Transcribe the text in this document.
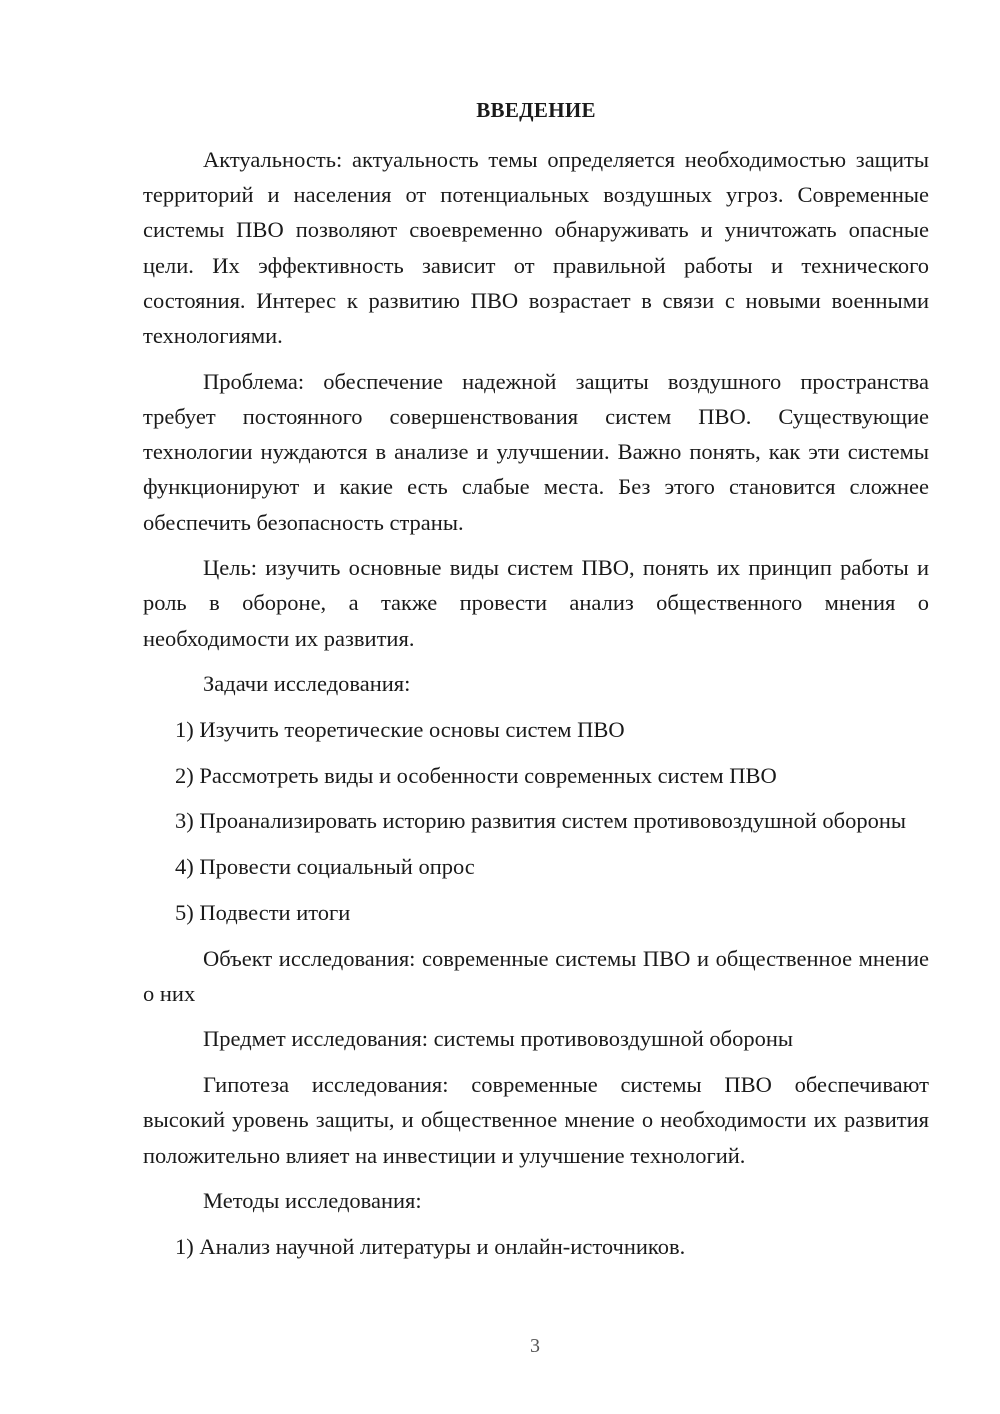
ВВЕДЕНИЕ

Актуальность: актуальность темы определяется необходимостью защиты территорий и населения от потенциальных воздушных угроз. Современные системы ПВО позволяют своевременно обнаруживать и уничтожать опасные цели. Их эффективность зависит от правильной работы и технического состояния. Интерес к развитию ПВО возрастает в связи с новыми военными технологиями.

Проблема: обеспечение надежной защиты воздушного пространства требует постоянного совершенствования систем ПВО. Существующие технологии нуждаются в анализе и улучшении. Важно понять, как эти системы функционируют и какие есть слабые места. Без этого становится сложнее обеспечить безопасность страны.

Цель: изучить основные виды систем ПВО, понять их принцип работы и роль в обороне, а также провести анализ общественного мнения о необходимости их развития.

Задачи исследования:

1) Изучить теоретические основы систем ПВО

2) Рассмотреть виды и особенности современных систем ПВО

3) Проанализировать историю развития систем противовоздушной обороны

4) Провести социальный опрос

5) Подвести итоги

Объект исследования: современные системы ПВО и общественное мнение о них

Предмет исследования: системы противовоздушной обороны

Гипотеза исследования: современные системы ПВО обеспечивают высокий уровень защиты, и общественное мнение о необходимости их развития положительно влияет на инвестиции и улучшение технологий.

Методы исследования:

1) Анализ научной литературы и онлайн-источников.

3
